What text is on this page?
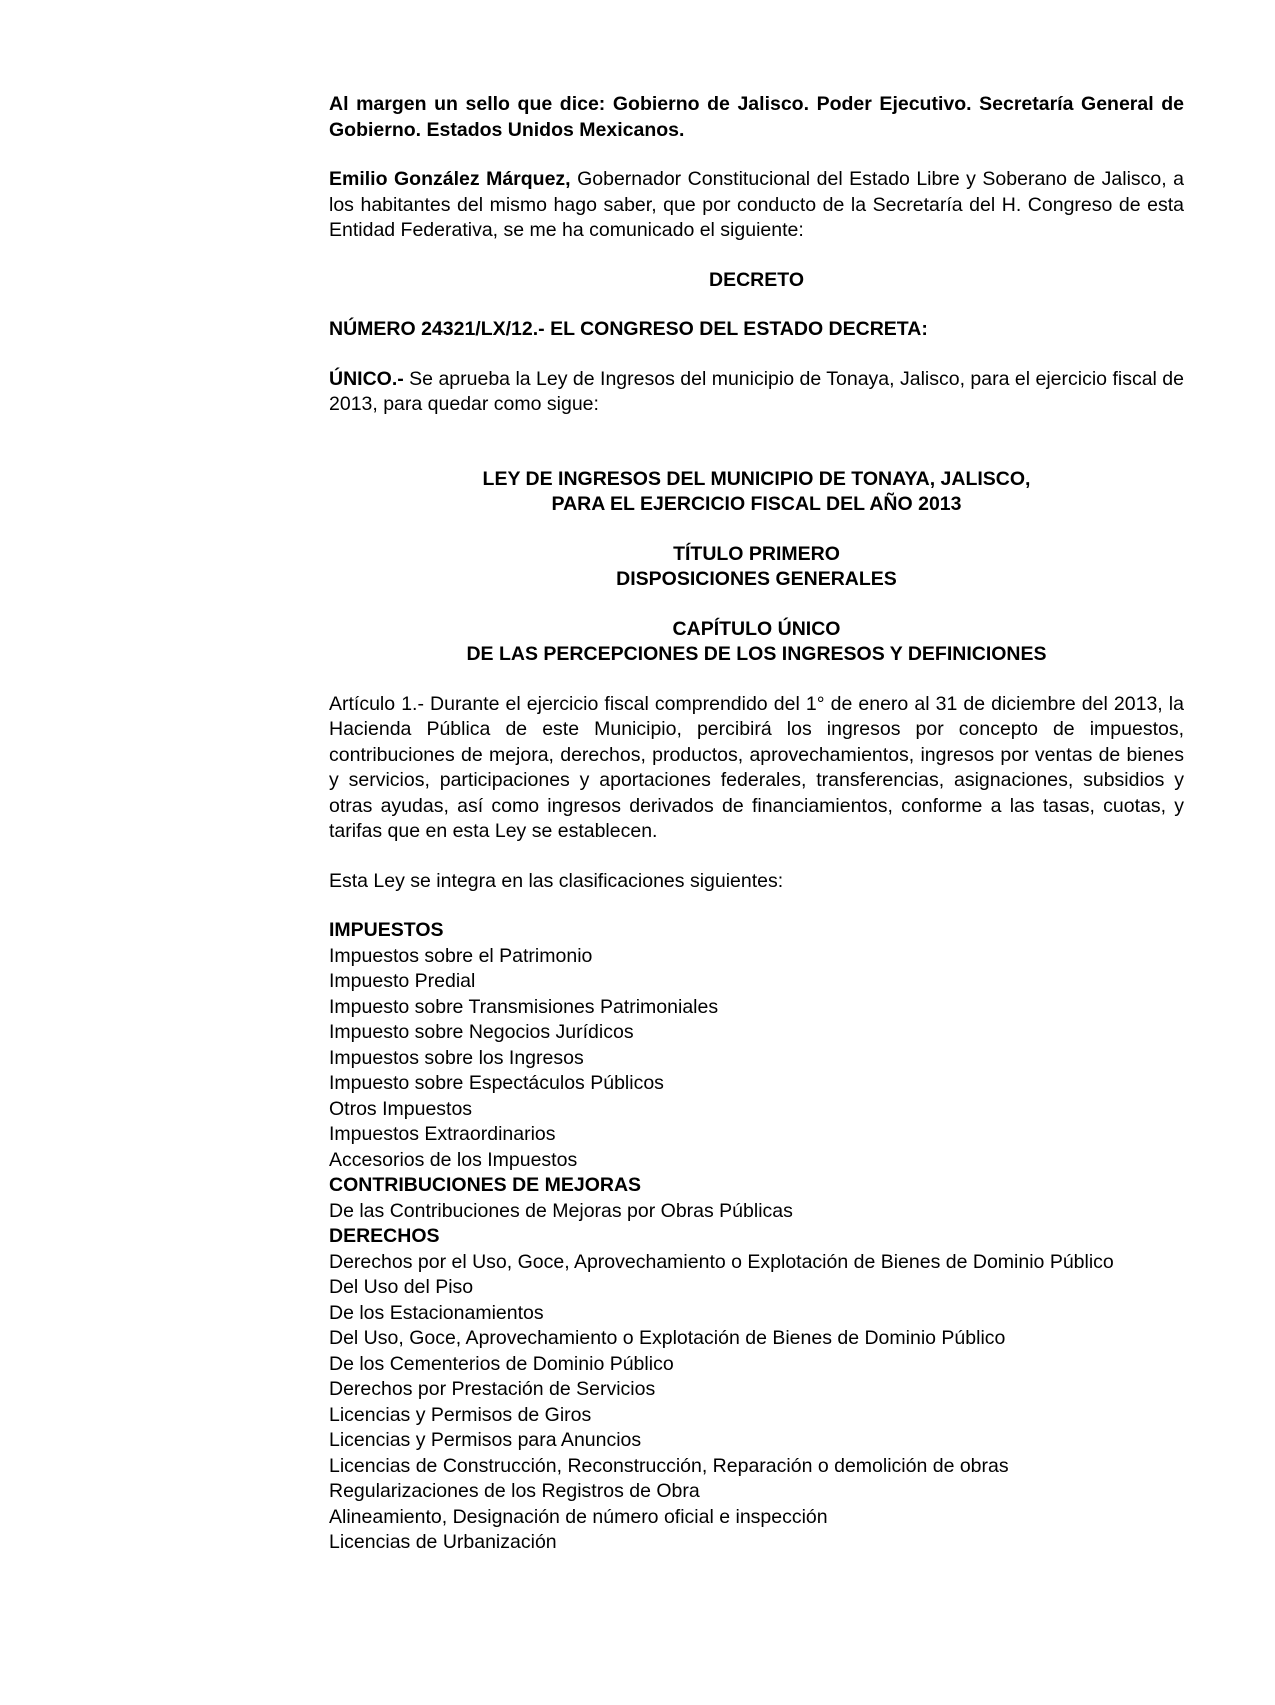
Al margen un sello que dice: Gobierno de Jalisco. Poder Ejecutivo. Secretaría General de Gobierno. Estados Unidos Mexicanos.

Emilio González Márquez, Gobernador Constitucional del Estado Libre y Soberano de Jalisco, a los habitantes del mismo hago saber, que por conducto de la Secretaría del H. Congreso de esta Entidad Federativa, se me ha comunicado el siguiente:

DECRETO

NÚMERO 24321/LX/12.- EL CONGRESO DEL ESTADO DECRETA:

ÚNICO.- Se aprueba la Ley de Ingresos del municipio de Tonaya, Jalisco, para el ejercicio fiscal de 2013, para quedar como sigue:

LEY DE INGRESOS DEL MUNICIPIO DE TONAYA, JALISCO,

PARA EL EJERCICIO FISCAL DEL AÑO 2013

TÍTULO PRIMERO

DISPOSICIONES GENERALES

CAPÍTULO ÚNICO

DE LAS PERCEPCIONES DE LOS INGRESOS Y DEFINICIONES

Artículo 1.- Durante el ejercicio fiscal comprendido del 1° de enero al 31 de diciembre del 2013, la Hacienda Pública de este Municipio, percibirá los ingresos por concepto de impuestos, contribuciones de mejora, derechos, productos, aprovechamientos, ingresos por ventas de bienes y servicios, participaciones y aportaciones federales, transferencias, asignaciones, subsidios y otras ayudas, así como ingresos derivados de financiamientos, conforme a las tasas, cuotas, y tarifas que en esta Ley se establecen.

Esta Ley se integra en las clasificaciones siguientes:

IMPUESTOS

Impuestos sobre el Patrimonio

Impuesto Predial

Impuesto sobre Transmisiones Patrimoniales

Impuesto sobre Negocios Jurídicos

Impuestos sobre los Ingresos

Impuesto sobre Espectáculos Públicos

Otros Impuestos

Impuestos Extraordinarios

Accesorios de los Impuestos

CONTRIBUCIONES DE MEJORAS

De las Contribuciones de Mejoras por Obras Públicas

DERECHOS

Derechos por el Uso, Goce, Aprovechamiento o Explotación de Bienes de Dominio Público

Del Uso del Piso

De los Estacionamientos

Del Uso, Goce, Aprovechamiento o Explotación de Bienes de Dominio Público

De los Cementerios de Dominio Público

Derechos por Prestación de Servicios

Licencias y Permisos de Giros

Licencias y Permisos para Anuncios

Licencias de Construcción, Reconstrucción, Reparación o demolición de obras

Regularizaciones de los Registros de Obra

Alineamiento, Designación de número oficial e inspección

Licencias de Urbanización
